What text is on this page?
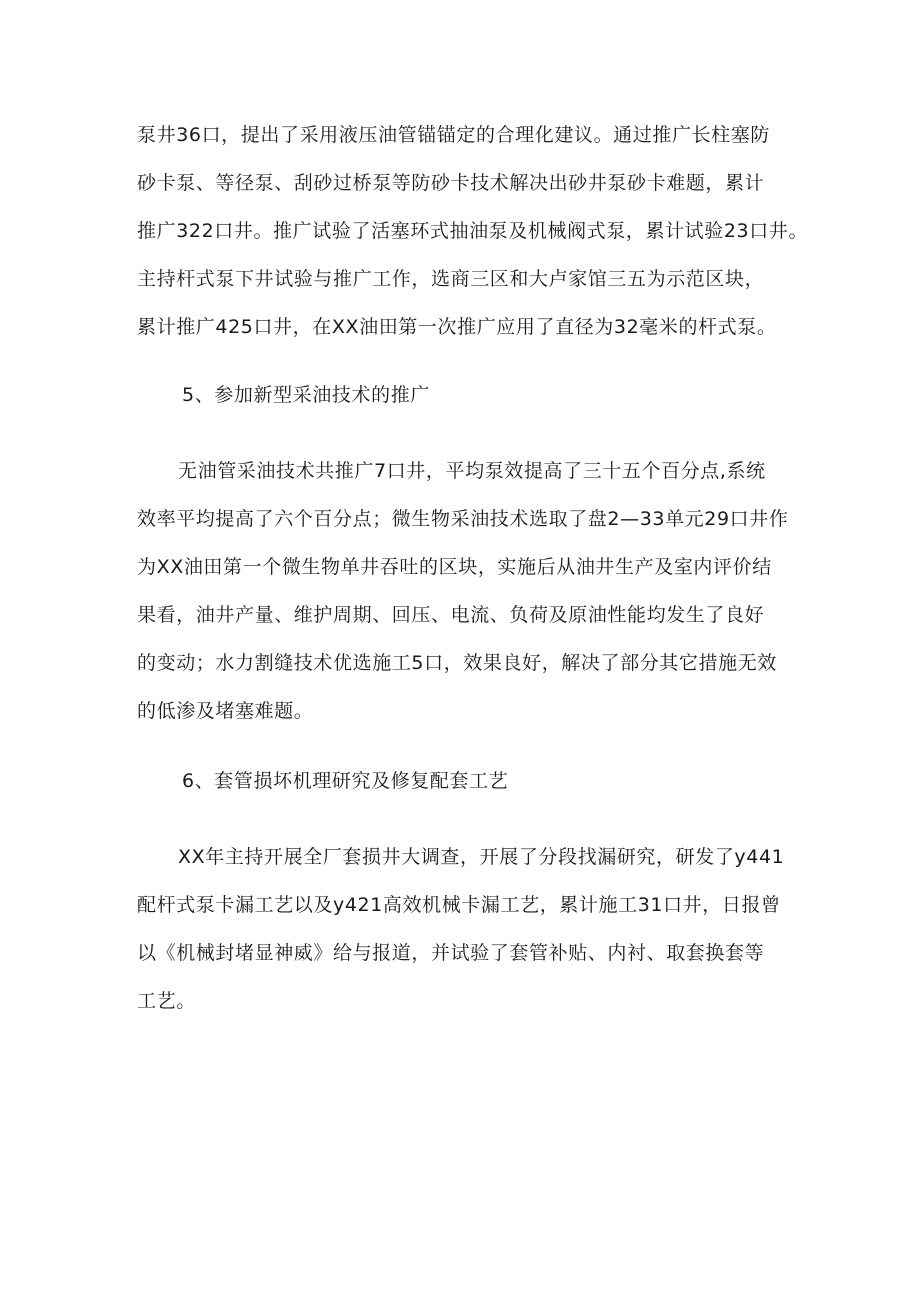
泵井36口，提出了采用液压油管锚锚定的合理化建议。通过推广长柱塞防
砂卡泵、等径泵、刮砂过桥泵等防砂卡技术解决出砂井泵砂卡难题，累计
推广322口井。推广试验了活塞环式抽油泵及机械阀式泵，累计试验23口井。
主持杆式泵下井试验与推广工作，选商三区和大卢家馆三五为示范区块，
累计推广425口井，在XX油田第一次推广应用了直径为32毫米的杆式泵。
5、参加新型采油技术的推广
无油管采油技术共推广7口井，平均泵效提高了三十五个百分点,系统
效率平均提高了六个百分点；微生物采油技术选取了盘2—33单元29口井作
为XX油田第一个微生物单井吞吐的区块，实施后从油井生产及室内评价结
果看，油井产量、维护周期、回压、电流、负荷及原油性能均发生了良好
的变动；水力割缝技术优选施工5口，效果良好，解决了部分其它措施无效
的低渗及堵塞难题。
6、套管损坏机理研究及修复配套工艺
XX年主持开展全厂套损井大调查，开展了分段找漏研究，研发了y441
配杆式泵卡漏工艺以及y421高效机械卡漏工艺，累计施工31口井，日报曾
以《机械封堵显神威》给与报道，并试验了套管补贴、内衬、取套换套等
工艺。
